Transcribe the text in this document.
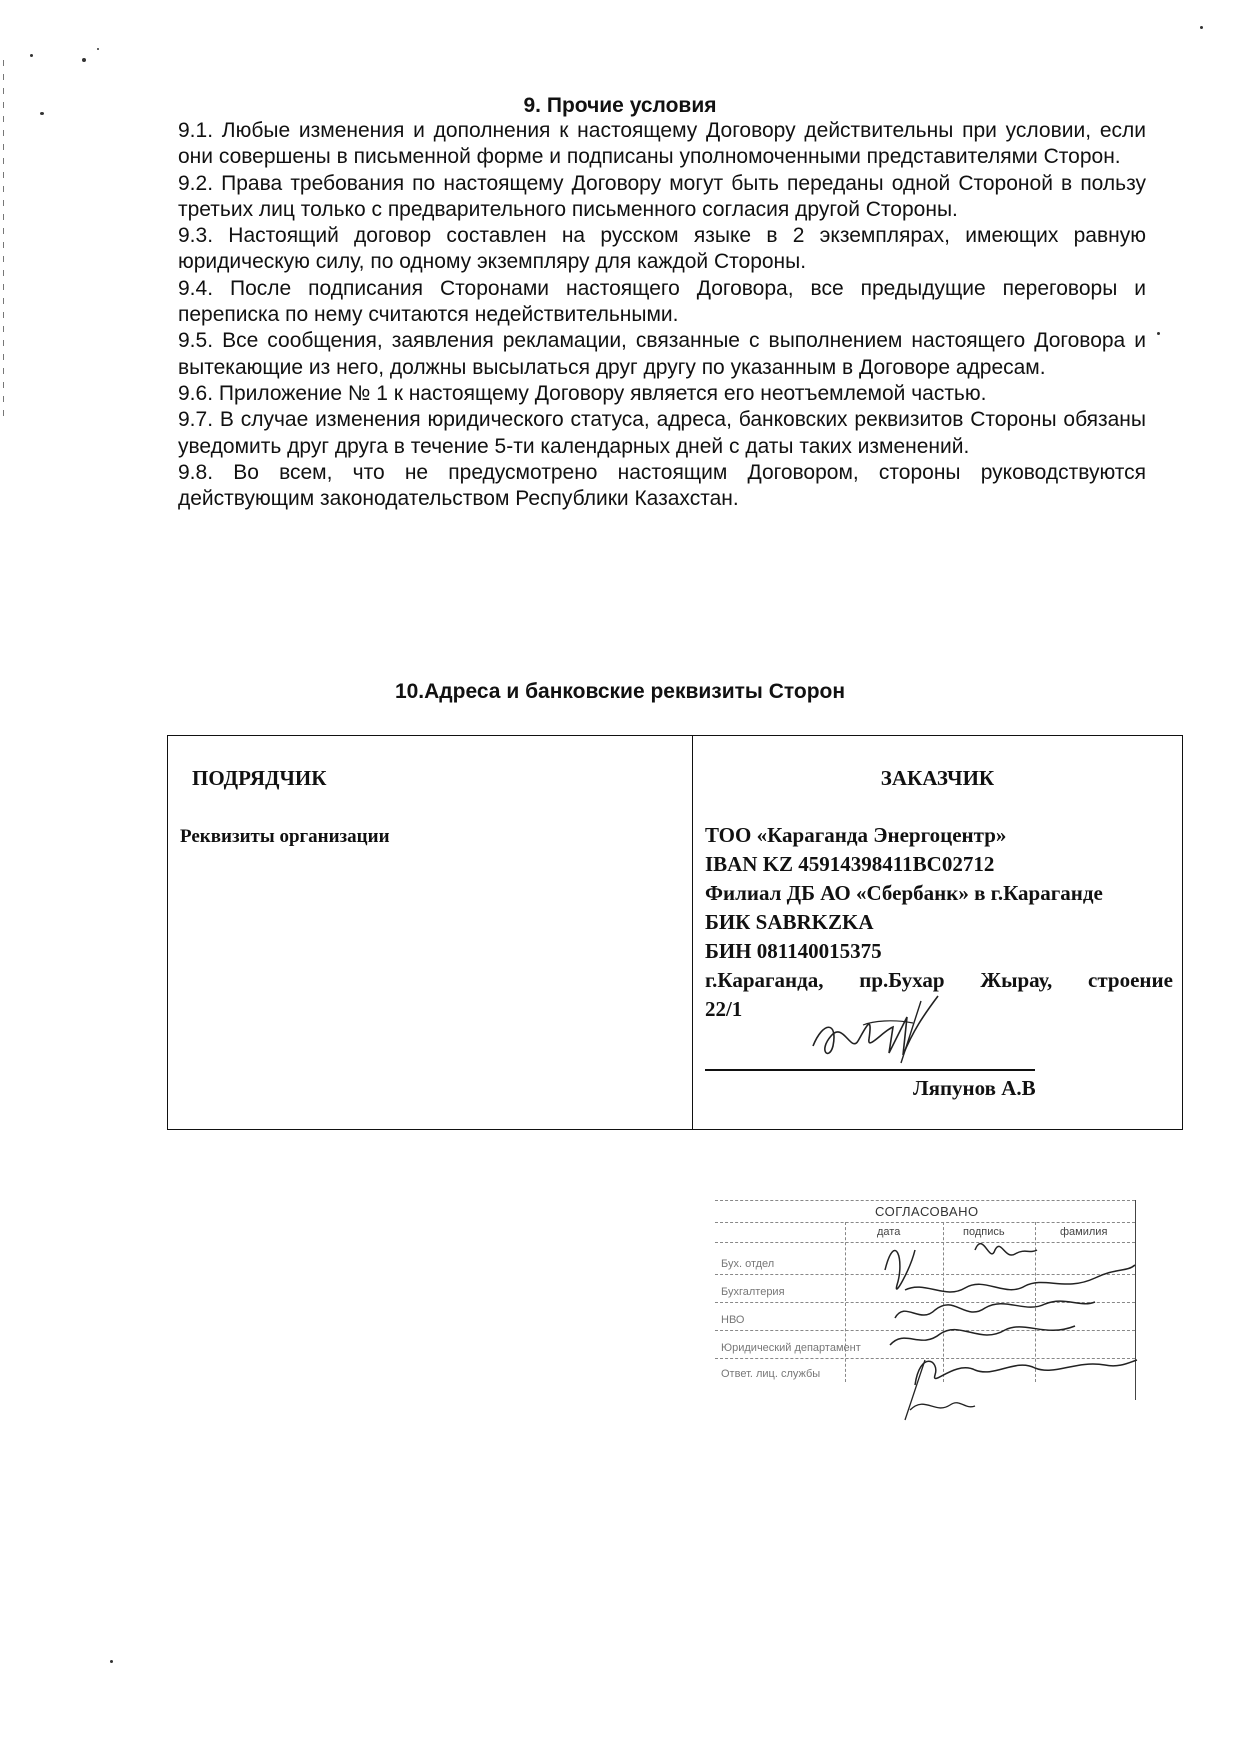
9. Прочие условия
9.1. Любые изменения и дополнения к настоящему Договору действительны при условии, если они совершены в письменной форме и подписаны уполномоченными представителями Сторон.
9.2. Права требования по настоящему Договору могут быть переданы одной Стороной в пользу третьих лиц только с предварительного письменного согласия другой Стороны.
9.3. Настоящий договор составлен на русском языке в 2 экземплярах, имеющих равную юридическую силу, по одному экземпляру для каждой Стороны.
9.4. После подписания Сторонами настоящего Договора, все предыдущие переговоры и переписка по нему считаются недействительными.
9.5. Все сообщения, заявления рекламации, связанные с выполнением настоящего Договора и вытекающие из него, должны высылаться друг другу по указанным в Договоре адресам.
9.6. Приложение № 1 к настоящему Договору является его неотъемлемой частью.
9.7. В случае изменения юридического статуса, адреса, банковских реквизитов Стороны обязаны уведомить друг друга в течение 5-ти календарных дней с даты таких изменений.
9.8. Во всем, что не предусмотрено настоящим Договором, стороны руководствуются действующим законодательством Республики Казахстан.
10.Адреса и банковские реквизиты Сторон
ПОДРЯДЧИК
Реквизиты организации

ЗАКАЗЧИК
ТОО «Караганда Энергоцентр»
IBAN KZ 45914398411BC02712
Филиал ДБ АО «Сбербанк» в г.Караганде
БИК SABRKZKA
БИН 081140015375
г.Караганда, пр.Бухар Жырау, строение
22/1
Ляпунов А.В
СОГЛАСОВАНО
дата	подпись	фамилия
Бух. отдел
Бухгалтерия
НВО
Юридический департамент
Ответ. лиц. службы
